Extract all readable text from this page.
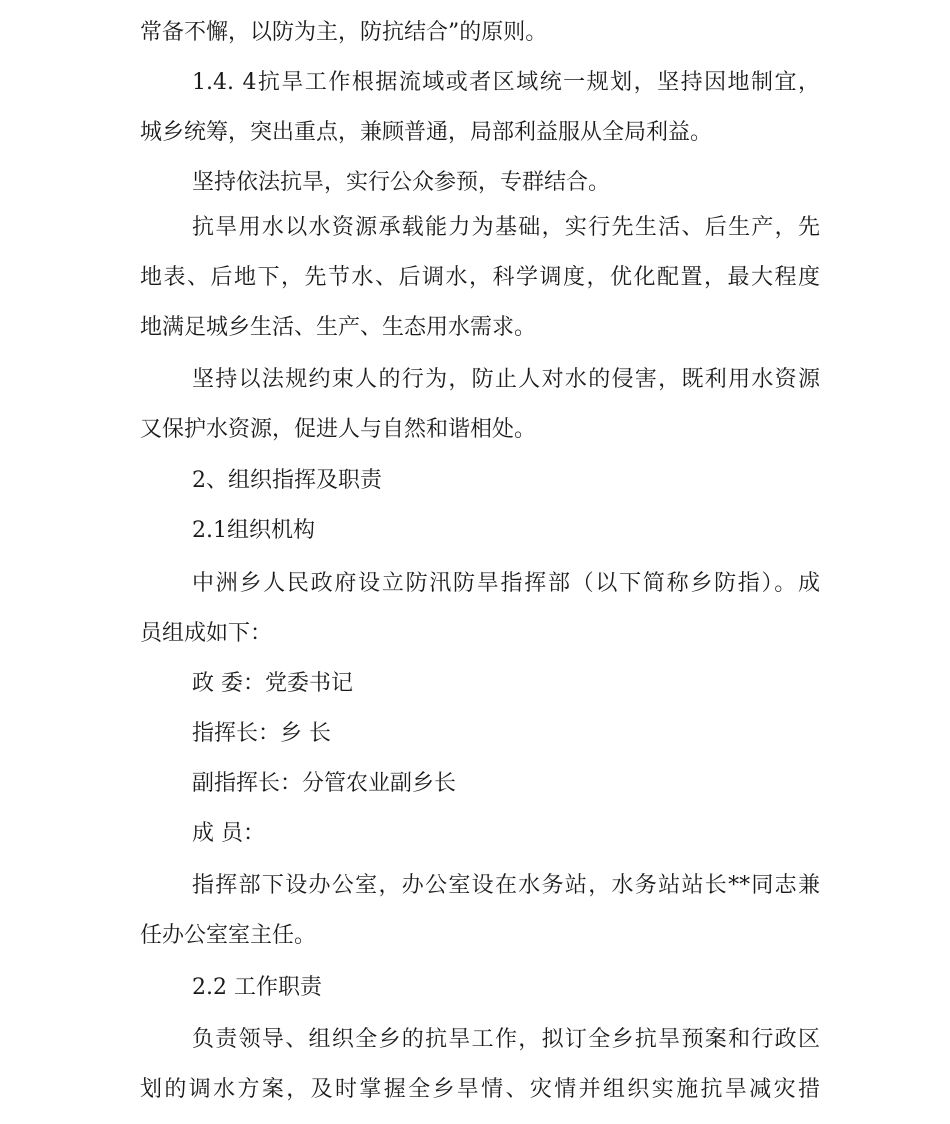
常备不懈，以防为主，防抗结合”的原则。

1.4. 4抗旱工作根据流域或者区域统一规划，坚持因地制宜，

城乡统筹，突出重点，兼顾普通，局部利益服从全局利益。

坚持依法抗旱，实行公众参预，专群结合。

抗旱用水以水资源承载能力为基础，实行先生活、后生产，先

地表、后地下，先节水、后调水，科学调度，优化配置，最大程度

地满足城乡生活、生产、生态用水需求。

坚持以法规约束人的行为，防止人对水的侵害，既利用水资源

又保护水资源，促进人与自然和谐相处。

2、组织指挥及职责

2.1组织机构

中洲乡人民政府设立防汛防旱指挥部（以下简称乡防指）。成

员组成如下：

政 委：党委书记

指挥长：乡 长

副指挥长：分管农业副乡长

成 员：

指挥部下设办公室，办公室设在水务站，水务站站长**同志兼

任办公室室主任。

2.2 工作职责

负责领导、组织全乡的抗旱工作，拟订全乡抗旱预案和行政区

划的调水方案，及时掌握全乡旱情、灾情并组织实施抗旱减灾措
